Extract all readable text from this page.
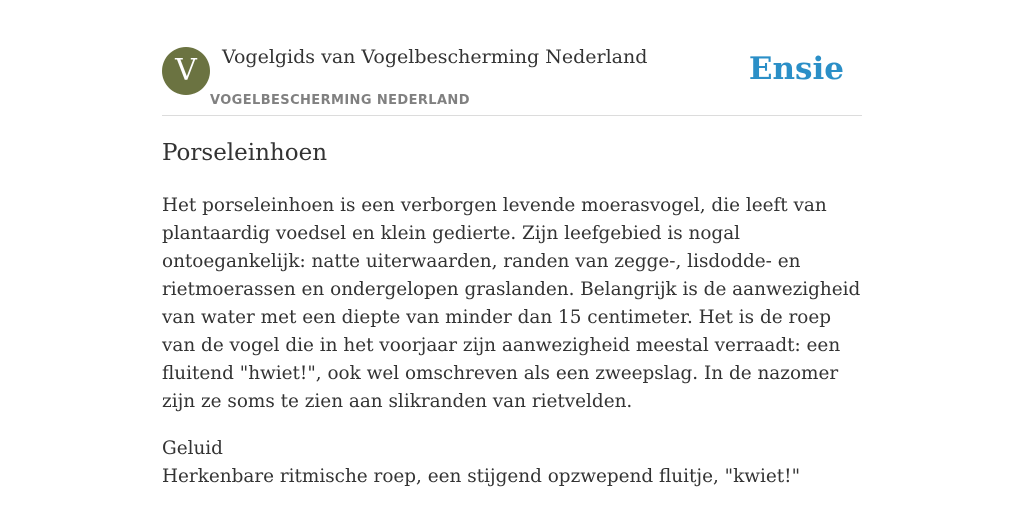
V	Vogelgids van Vogelbescherming Nederland
VOGELBESCHERMING NEDERLAND
Ensie
Porseleinhoen

Het porseleinhoen is een verborgen levende moerasvogel, die leeft van plantaardig voedsel en klein gedierte. Zijn leefgebied is nogal ontoegankelijk: natte uiterwaarden, randen van zegge-, lisdodde- en rietmoerassen en ondergelopen graslanden. Belangrijk is de aanwezigheid van water met een diepte van minder dan 15 centimeter. Het is de roep van de vogel die in het voorjaar zijn aanwezigheid meestal verraadt: een fluitend "hwiet!", ook wel omschreven als een zweepslag. In de nazomer zijn ze soms te zien aan slikranden van rietvelden.

Geluid

Herkenbare ritmische roep, een stijgend opzwepend fluitje, "kwiet!"
